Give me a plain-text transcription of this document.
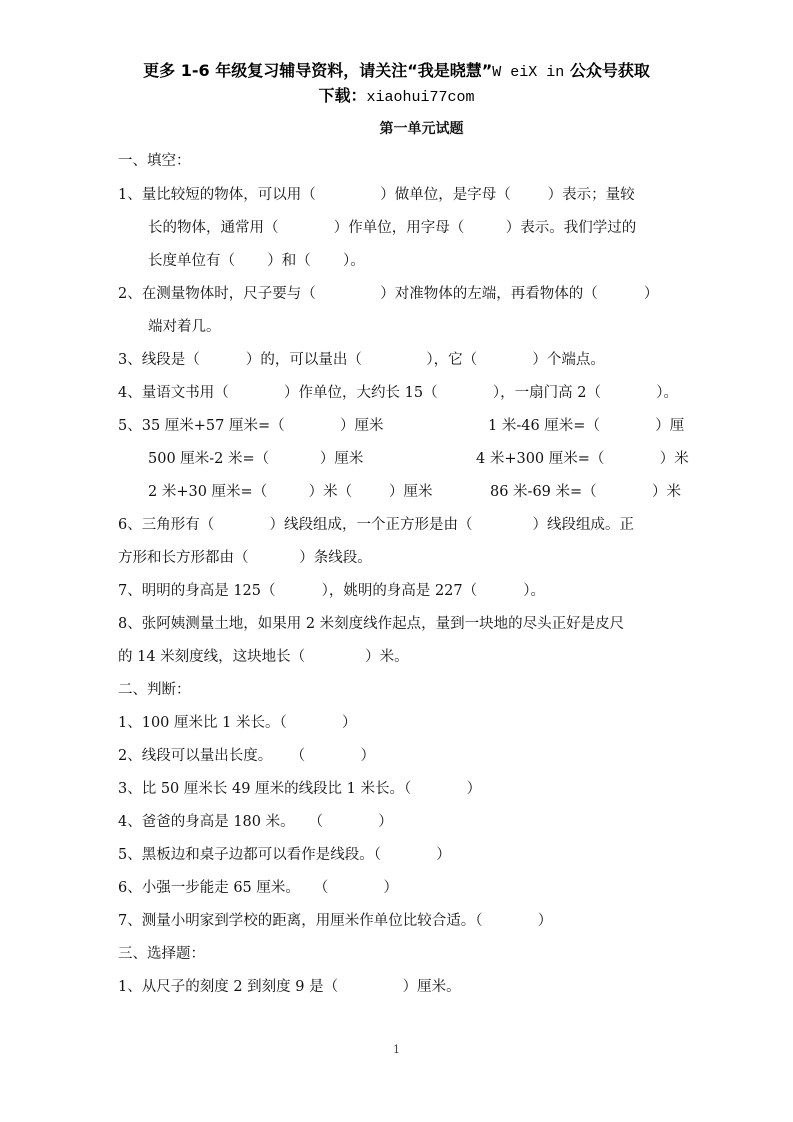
更多 1-6 年级复习辅导资料，请关注“我是晓慧”W eiX in 公众号获取
下载：xiaohui77com
第一单元试题
一、填空：
1、量比较短的物体，可以用（              ）做单位，是字母（        ）表示；量较
长的物体，通常用（            ）作单位，用字母（         ）表示。我们学过的
长度单位有（       ）和（       ）。
2、在测量物体时，尺子要与（              ）对准物体的左端，再看物体的（          ）
端对着几。
3、线段是（          ）的，可以量出（              ），它（            ）个端点。
4、量语文书用（            ）作单位，大约长 15（            ），一扇门高 2（            ）。
5、35 厘米+57 厘米=（            ）厘米	1 米-46 厘米=（            ）厘
500 厘米-2 米=（           ）厘米	4 米+300 厘米=（            ）米
2 米+30 厘米=（         ）米（        ）厘米	86 米-69 米=（            ）米
6、三角形有（            ）线段组成，一个正方形是由（             ）线段组成。正
方形和长方形都由（           ）条线段。
7、明明的身高是 125（          ），姚明的身高是 227（          ）。
8、张阿姨测量土地，如果用 2 米刻度线作起点，量到一块地的尽头正好是皮尺
的 14 米刻度线，这块地长（             ）米。
二、判断：
1、100 厘米比 1 米长。（            ）
2、线段可以量出长度。    （            ）
3、比 50 厘米长 49 厘米的线段比 1 米长。（            ）
4、爸爸的身高是 180 米。   （            ）
5、黑板边和桌子边都可以看作是线段。（            ）
6、小强一步能走 65 厘米。   （            ）
7、测量小明家到学校的距离，用厘米作单位比较合适。（            ）
三、选择题：
1、从尺子的刻度 2 到刻度 9 是（              ）厘米。
1
